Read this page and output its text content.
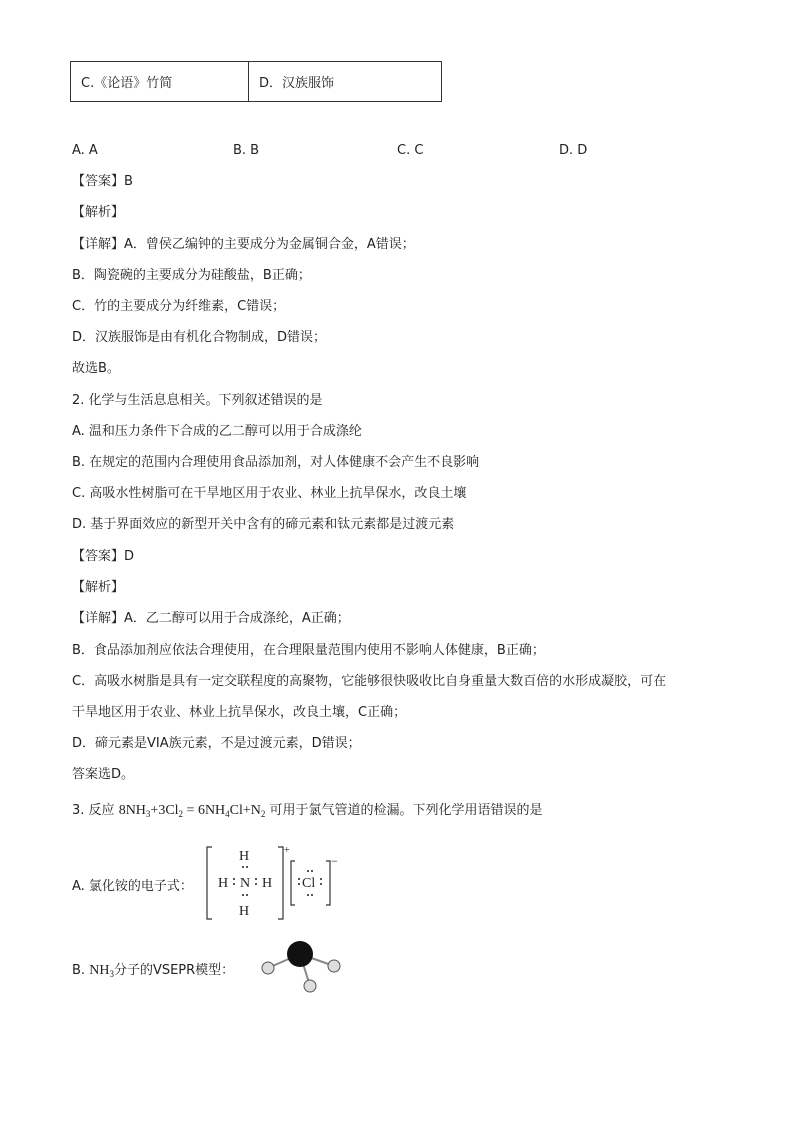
C.《论语》竹简	D．汉族服饰
A. A	B. B	C. C	D. D
【答案】B
【解析】
【详解】A．曾侯乙编钟的主要成分为金属铜合金，A错误；
B．陶瓷碗的主要成分为硅酸盐，B正确；
C．竹的主要成分为纤维素，C错误；
D．汉族服饰是由有机化合物制成，D错误；
故选B。
2. 化学与生活息息相关。下列叙述错误的是
A. 温和压力条件下合成的乙二醇可以用于合成涤纶
B. 在规定的范围内合理使用食品添加剂，对人体健康不会产生不良影响
C. 高吸水性树脂可在干旱地区用于农业、林业上抗旱保水，改良土壤
D. 基于界面效应的新型开关中含有的碲元素和钛元素都是过渡元素
【答案】D
【解析】
【详解】A．乙二醇可以用于合成涤纶，A正确；
B．食品添加剂应依法合理使用，在合理限量范围内使用不影响人体健康，B正确；
C．高吸水树脂是具有一定交联程度的高聚物，它能够很快吸收比自身重量大数百倍的水形成凝胶，可在
干旱地区用于农业、林业上抗旱保水，改良土壤，C正确；
D．碲元素是VIA族元素，不是过渡元素，D错误；
答案选D。
3. 反应 $8NH_3+3Cl_2 = 6NH_4Cl+N_2$ 可用于氯气管道的检漏。下列化学用语错误的是
A. 氯化铵的电子式：
H
H N H
H
Cl
+
−
B. $NH_3$分子的VSEPR模型：
